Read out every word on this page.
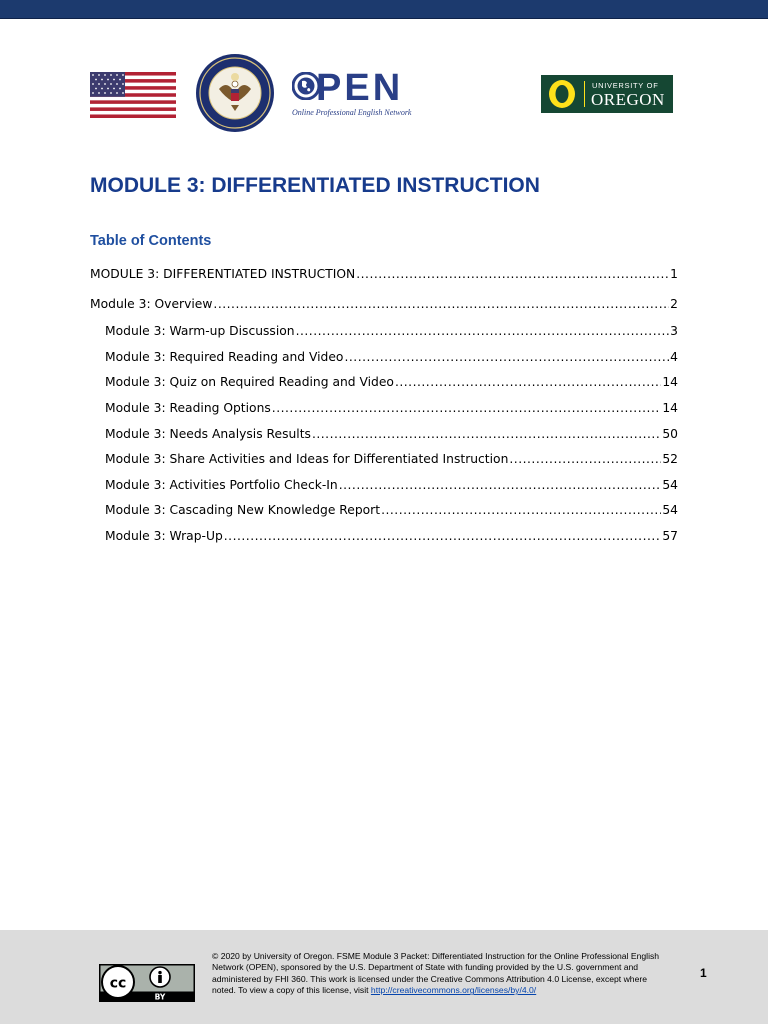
PEN
Online Professional English Network
UNIVERSITY OF
OREGON
MODULE 3: DIFFERENTIATED INSTRUCTION
Table of Contents
MODULE 3: DIFFERENTIATED INSTRUCTION .....	1
Module 3: Overview .....	2
Module 3: Warm-up Discussion .....	3
Module 3: Required Reading and Video .....	4
Module 3: Quiz on Required Reading and Video .....	14
Module 3: Reading Options .....	14
Module 3: Needs Analysis Results .....	50
Module 3: Share Activities and Ideas for Differentiated Instruction .....	52
Module 3: Activities Portfolio Check-In .....	54
Module 3: Cascading New Knowledge Report .....	54
Module 3: Wrap-Up .....	57
cc
BY

© 2020 by University of Oregon. FSME Module 3 Packet: Differentiated Instruction for the Online Professional English Network (OPEN), sponsored by the U.S. Department of State with funding provided by the U.S. government and administered by FHI 360. This work is licensed under the Creative Commons Attribution 4.0 License, except where noted. To view a copy of this license, visit http://creativecommons.org/licenses/by/4.0/

1
